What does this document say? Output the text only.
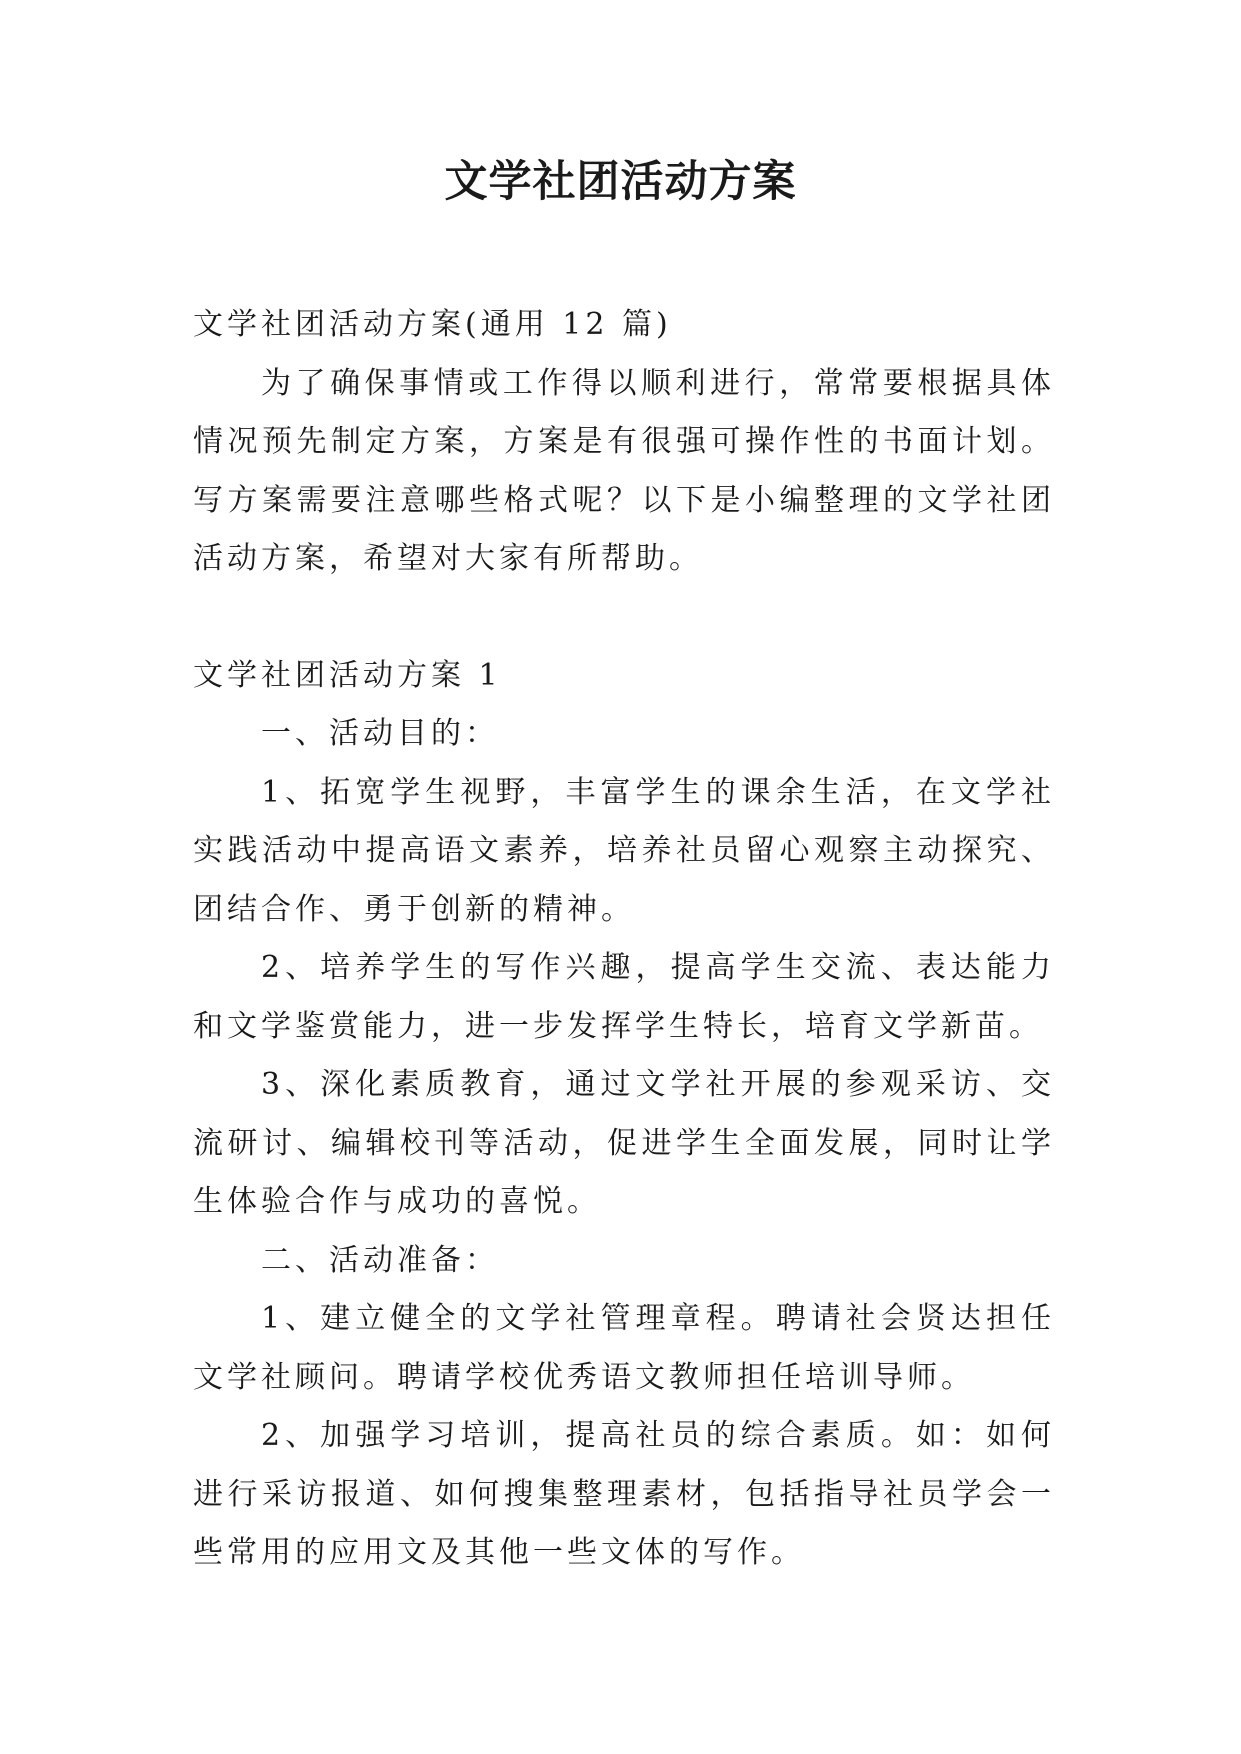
文学社团活动方案

文学社团活动方案(通用 12 篇)

为了确保事情或工作得以顺利进行，常常要根据具体情况预先制定方案，方案是有很强可操作性的书面计划。写方案需要注意哪些格式呢？以下是小编整理的文学社团活动方案，希望对大家有所帮助。

文学社团活动方案 1

一、活动目的：

1、拓宽学生视野，丰富学生的课余生活，在文学社实践活动中提高语文素养，培养社员留心观察主动探究、团结合作、勇于创新的精神。

2、培养学生的写作兴趣，提高学生交流、表达能力和文学鉴赏能力，进一步发挥学生特长，培育文学新苗。

3、深化素质教育，通过文学社开展的参观采访、交流研讨、编辑校刊等活动，促进学生全面发展，同时让学生体验合作与成功的喜悦。

二、活动准备：

1、建立健全的文学社管理章程。聘请社会贤达担任文学社顾问。聘请学校优秀语文教师担任培训导师。

2、加强学习培训，提高社员的综合素质。如：如何进行采访报道、如何搜集整理素材，包括指导社员学会一些常用的应用文及其他一些文体的写作。
